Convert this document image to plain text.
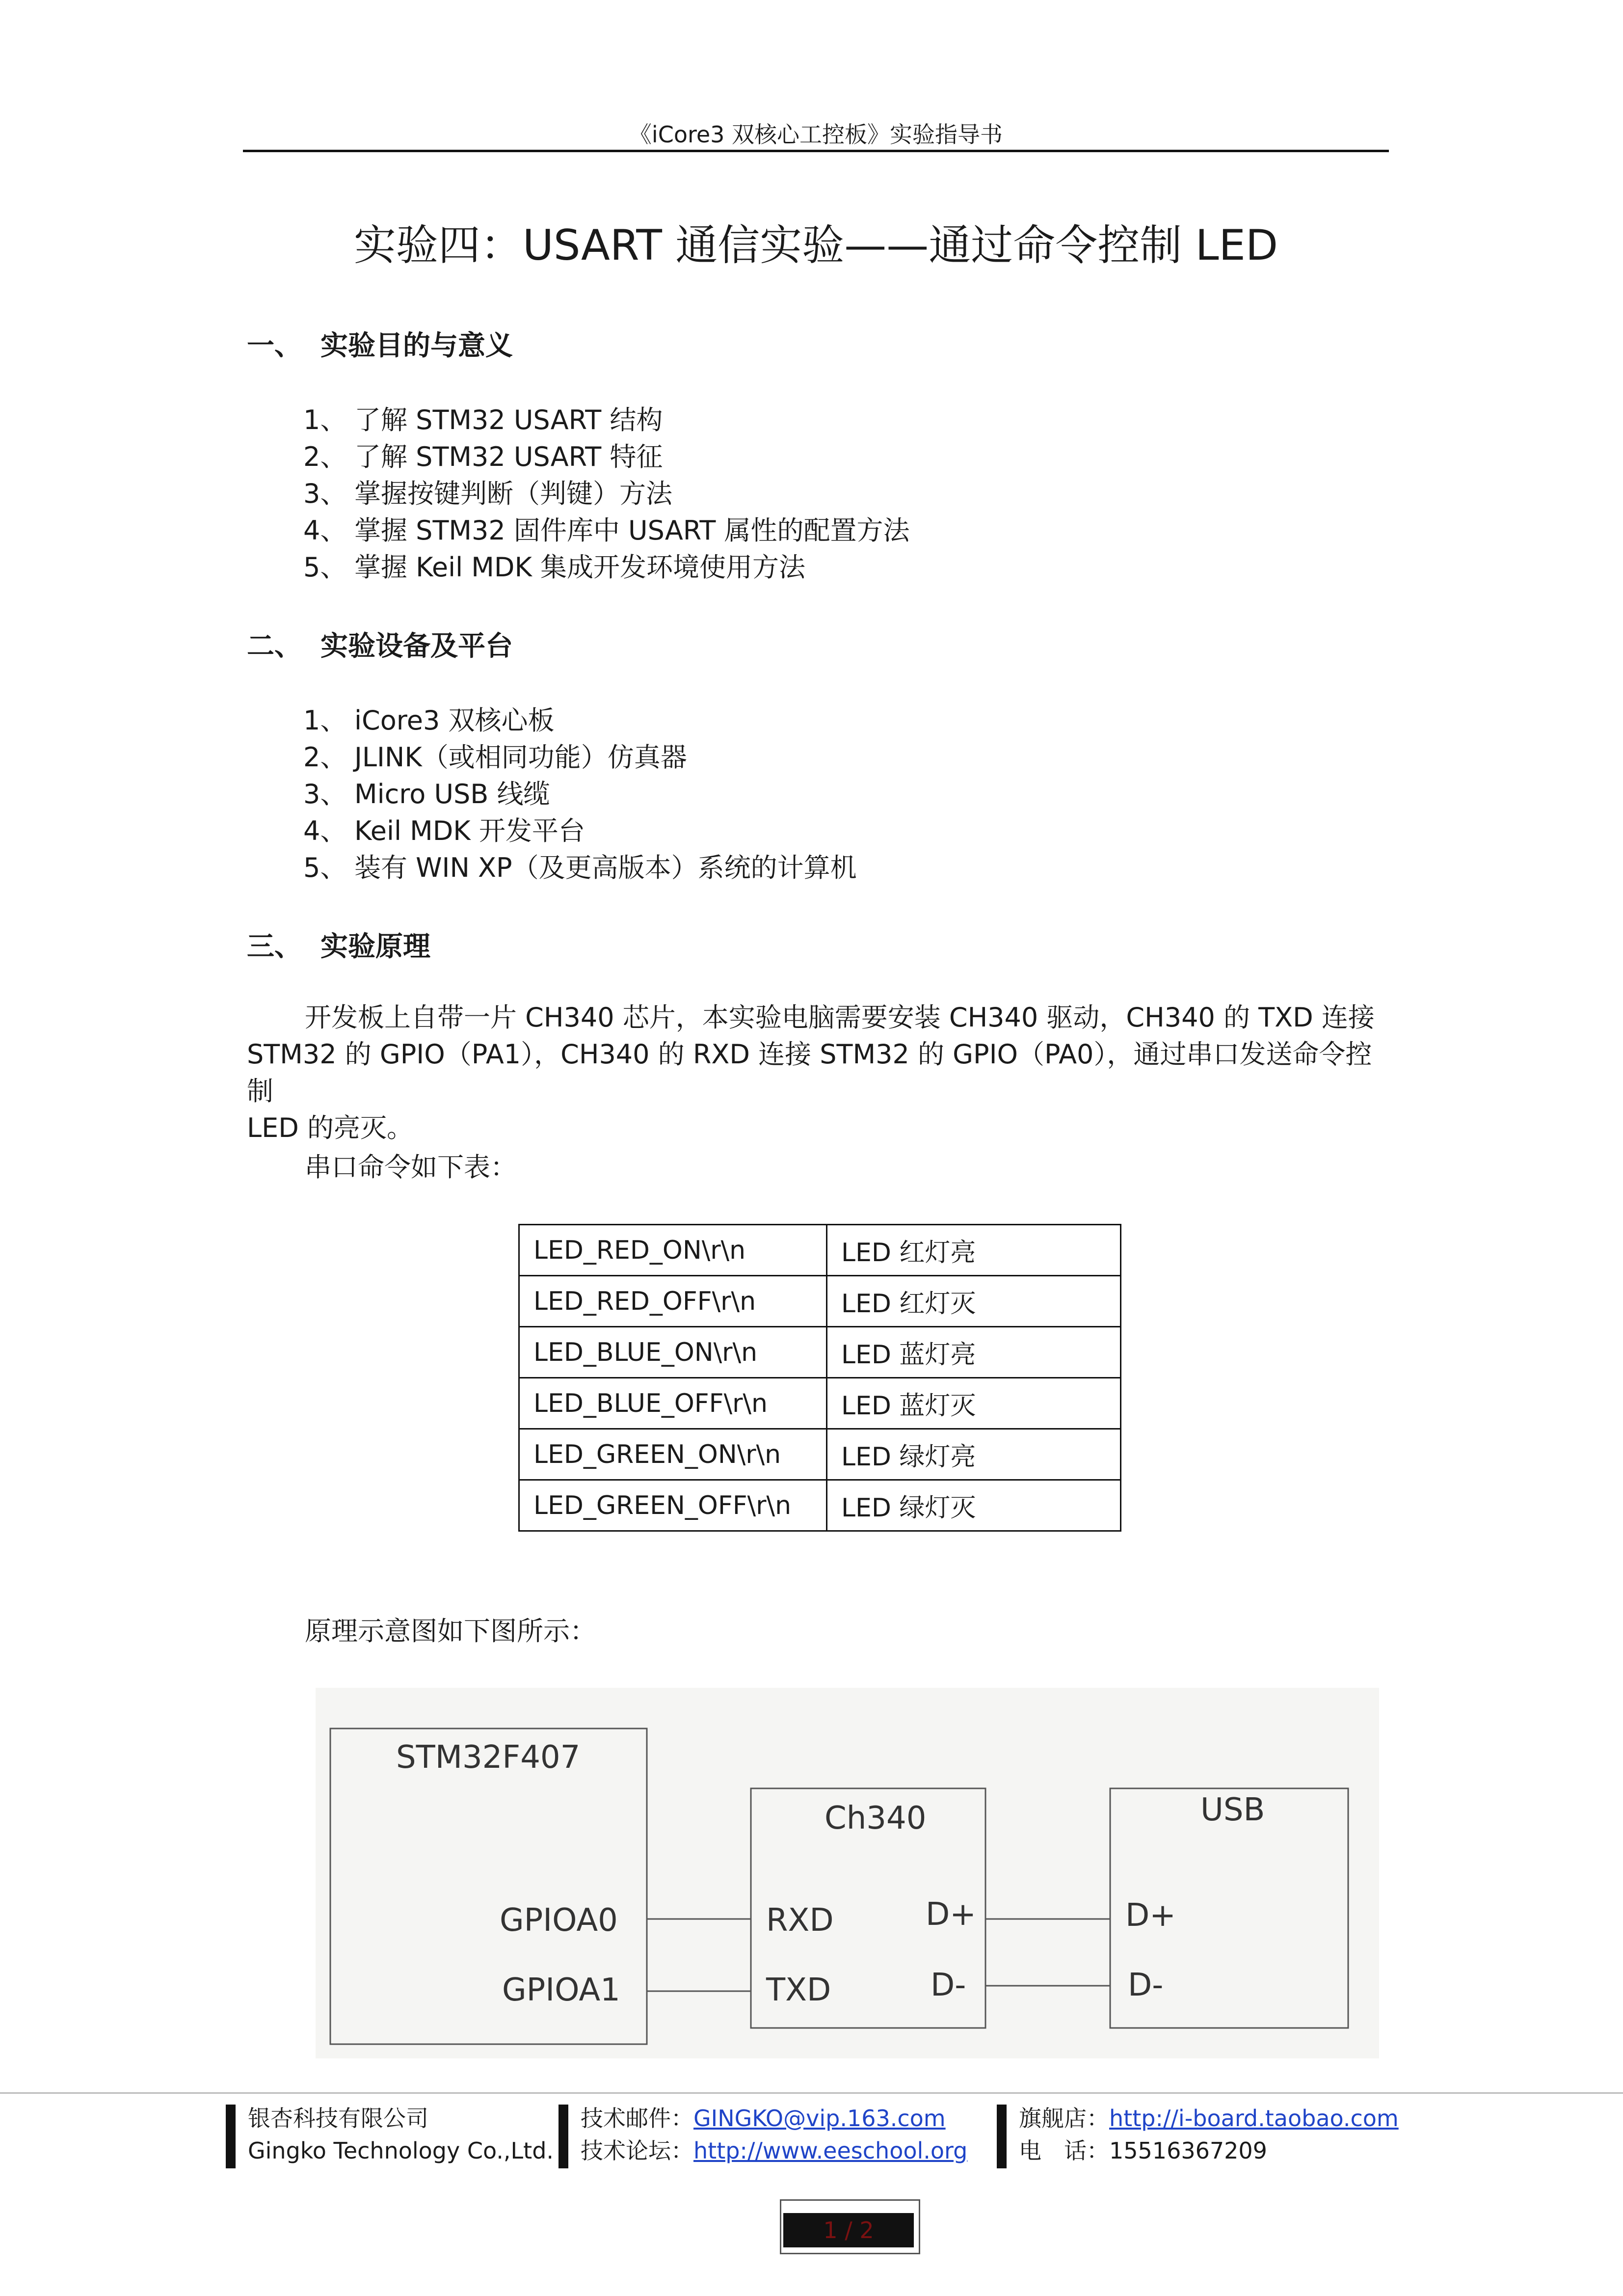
《iCore3 双核心工控板》实验指导书
实验四：USART 通信实验——通过命令控制 LED
一、 实验目的与意义
1、 了解 STM32 USART 结构
2、 了解 STM32 USART 特征
3、 掌握按键判断（判键）方法
4、 掌握 STM32 固件库中 USART 属性的配置方法
5、 掌握 Keil MDK 集成开发环境使用方法
二、 实验设备及平台
1、 iCore3 双核心板
2、 JLINK（或相同功能）仿真器
3、 Micro USB 线缆
4、 Keil MDK 开发平台
5、 装有 WIN XP（及更高版本）系统的计算机
三、 实验原理

开发板上自带一片 CH340 芯片，本实验电脑需要安装 CH340 驱动，CH340 的 TXD 连接

STM32 的 GPIO（PA1），CH340 的 RXD 连接 STM32 的 GPIO（PA0），通过串口发送命令控制

LED 的亮灭。

串口命令如下表：
LED_RED_ON\r\n	LED 红灯亮
LED_RED_OFF\r\n	LED 红灯灭
LED_BLUE_ON\r\n	LED 蓝灯亮
LED_BLUE_OFF\r\n	LED 蓝灯灭
LED_GREEN_ON\r\n	LED 绿灯亮
LED_GREEN_OFF\r\n	LED 绿灯灭
原理示意图如下图所示：
STM32F407
GPIOA0
GPIOA1
Ch340
RXD
TXD
D+
D-
USB
D+
D-
银杏科技有限公司
Gingko Technology Co.,Ltd.
技术邮件：GINGKO@vip.163.com
技术论坛：http://www.eeschool.org
旗舰店：http://i-board.taobao.com
电　话：15516367209
1 / 2
